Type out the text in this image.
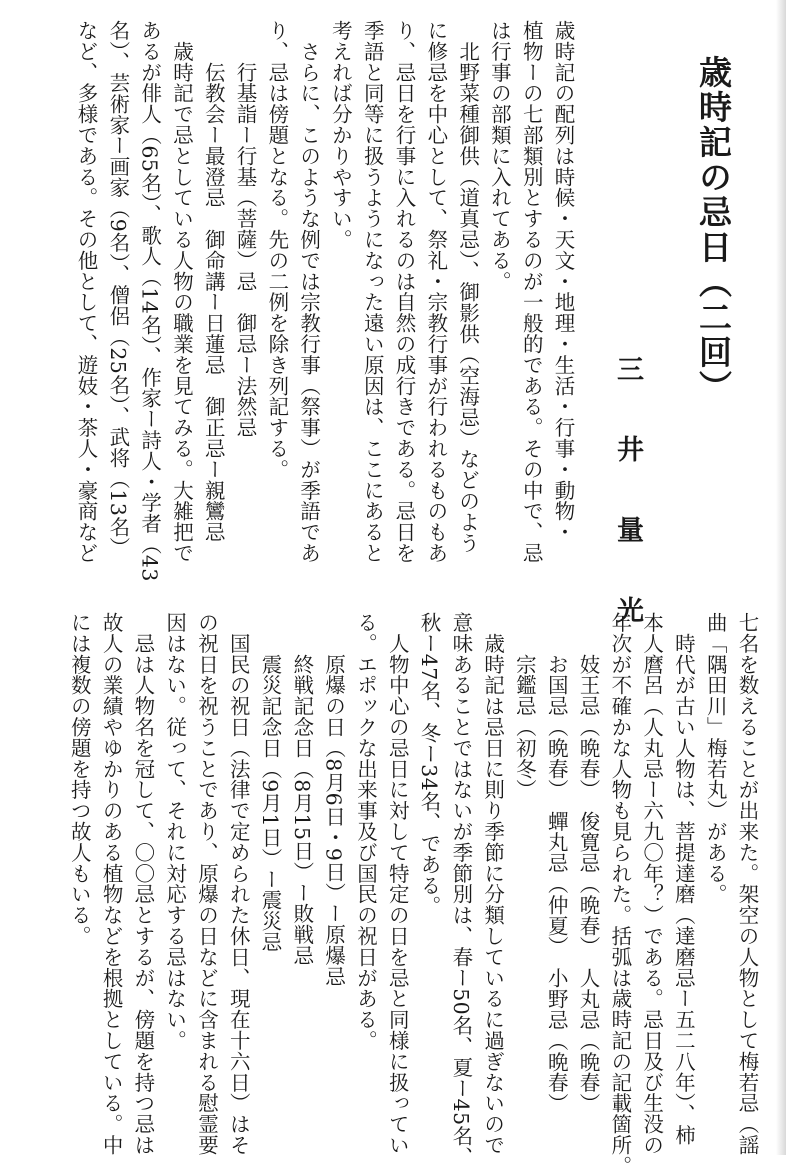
歳時記の忌日（二回）
三 井 量 光
歳時記の配列は時候・天文・地理・生活・行事・動物・
植物ーの七部類別とするのが一般的である。その中で、忌
は行事の部類に入れてある。
　北野菜種御供（道真忌）、御影供（空海忌）などのよう
に修忌を中心として、祭礼・宗教行事が行われるものもあ
り、忌日を行事に入れるのは自然の成行きである。忌日を
季語と同等に扱うようになった遠い原因は、ここにあると
考えれば分かりやすい。
　さらに、このような例では宗教行事（祭事）が季語であ
り、忌は傍題となる。先の二例を除き列記する。
　　行基詣ー行基（菩薩）忌　御忌ー法然忌
　　伝教会ー最澄忌　御命講ー日蓮忌　御正忌ー親鸞忌
　歳時記で忌としている人物の職業を見てみる。大雑把で
あるが俳人（65名）、歌人（14名）、作家ー詩人・学者（43
名）、芸術家ー画家（9名）、僧侶（25名）、武将（13名）
など、多様である。その他として、遊妓・茶人・豪商など
七名を数えることが出来た。架空の人物として梅若忌（謡
曲「隅田川」梅若丸）がある。
　時代が古い人物は、菩提達磨（達磨忌ー五二八年）、柿
本人麿呂（人丸忌ー六九〇年？）である。忌日及び生没の
年次が不確かな人物も見られた。括弧は歳時記の記載箇所。
　　妓王忌（晩春）　俊寛忌（晩春）　人丸忌（晩春）
　　お国忌（晩春）　蟬丸忌（仲夏）　小野忌（晩春）
　　宗鑑忌（初冬）
　歳時記は忌日に則り季節に分類しているに過ぎないので
意味あることではないが季節別は、春ー50名、夏ー45名、
秋ー47名、冬ー34名、である。
　人物中心の忌日に対して特定の日を忌と同様に扱ってい
る。エポックな出来事及び国民の祝日がある。
　　原爆の日（8月6日・9日）ー原爆忌
　　終戦記念日（8月15日）ー敗戦忌
　　震災記念日（9月1日）ー震災忌
　国民の祝日（法律で定められた休日、現在十六日）はそ
の祝日を祝うことであり、原爆の日などに含まれる慰霊要
因はない。従って、それに対応する忌はない。
　忌は人物名を冠して、〇〇忌とするが、傍題を持つ忌は
故人の業績やゆかりのある植物などを根拠としている。中
には複数の傍題を持つ故人もいる。
